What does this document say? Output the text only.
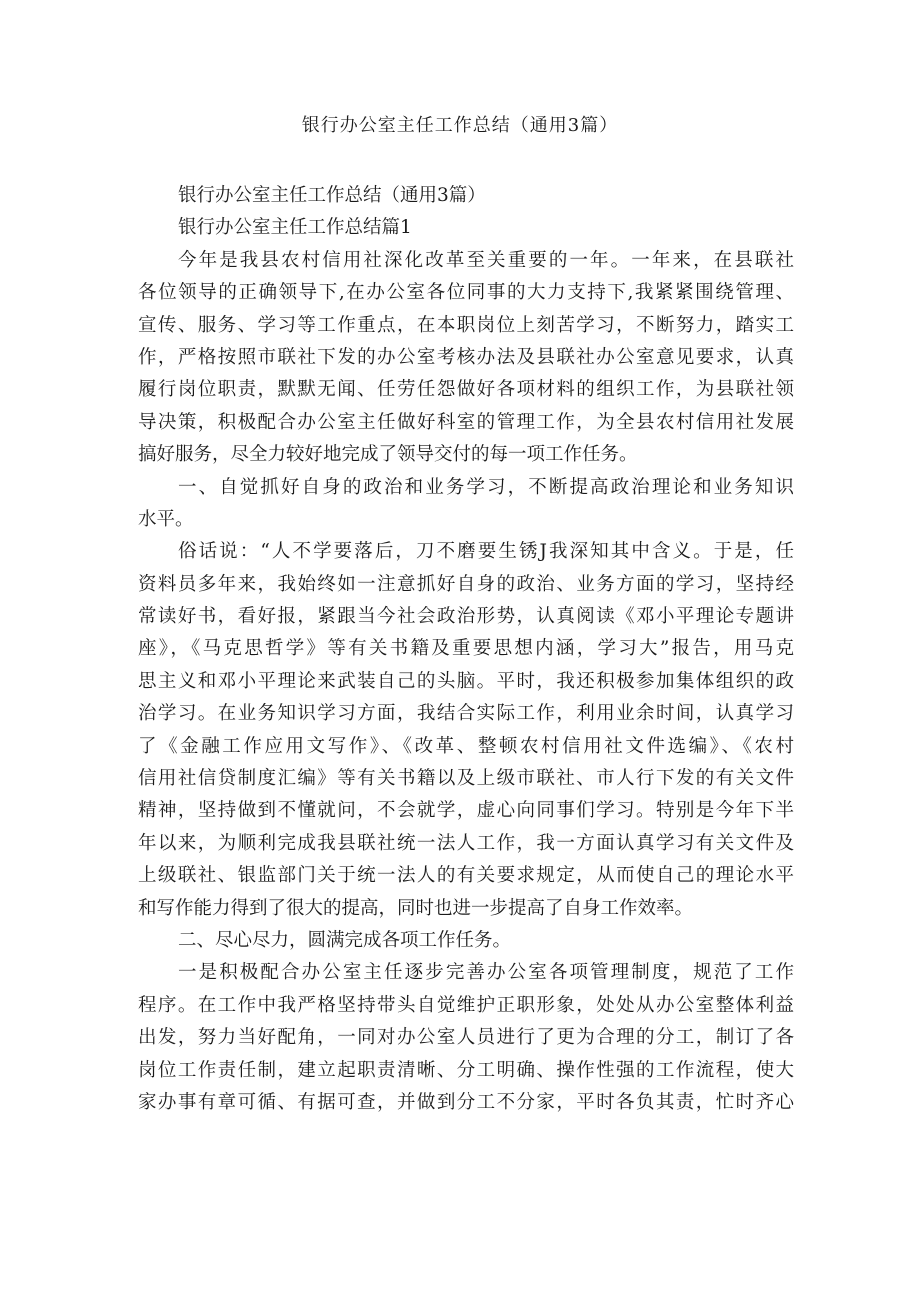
银行办公室主任工作总结（通用3篇）
银行办公室主任工作总结（通用3篇）
银行办公室主任工作总结篇1
今年是我县农村信用社深化改革至关重要的一年。一年来，在县联社
各位领导的正确领导下,在办公室各位同事的大力支持下,我紧紧围绕管理、
宣传、服务、学习等工作重点，在本职岗位上刻苦学习，不断努力，踏实工
作，严格按照市联社下发的办公室考核办法及县联社办公室意见要求，认真
履行岗位职责，默默无闻、任劳任怨做好各项材料的组织工作，为县联社领
导决策，积极配合办公室主任做好科室的管理工作，为全县农村信用社发展
搞好服务，尽全力较好地完成了领导交付的每一项工作任务。
一、自觉抓好自身的政治和业务学习，不断提高政治理论和业务知识
水平。
俗话说：“人不学要落后，刀不磨要生锈J我深知其中含义。于是，任
资料员多年来，我始终如一注意抓好自身的政治、业务方面的学习，坚持经
常读好书，看好报，紧跟当今社会政治形势，认真阅读《邓小平理论专题讲
座》，《马克思哲学》等有关书籍及重要思想内涵，学习大”报告，用马克
思主义和邓小平理论来武装自己的头脑。平时，我还积极参加集体组织的政
治学习。在业务知识学习方面，我结合实际工作，利用业余时间，认真学习
了《金融工作应用文写作》、《改革、整顿农村信用社文件选编》、《农村
信用社信贷制度汇编》等有关书籍以及上级市联社、市人行下发的有关文件
精神，坚持做到不懂就问，不会就学，虚心向同事们学习。特别是今年下半
年以来，为顺利完成我县联社统一法人工作，我一方面认真学习有关文件及
上级联社、银监部门关于统一法人的有关要求规定，从而使自己的理论水平
和写作能力得到了很大的提高，同时也进一步提高了自身工作效率。
二、尽心尽力，圆满完成各项工作任务。
一是积极配合办公室主任逐步完善办公室各项管理制度，规范了工作
程序。在工作中我严格坚持带头自觉维护正职形象，处处从办公室整体利益
出发，努力当好配角，一同对办公室人员进行了更为合理的分工，制订了各
岗位工作责任制，建立起职责清晰、分工明确、操作性强的工作流程，使大
家办事有章可循、有据可查，并做到分工不分家，平时各负其责，忙时齐心
